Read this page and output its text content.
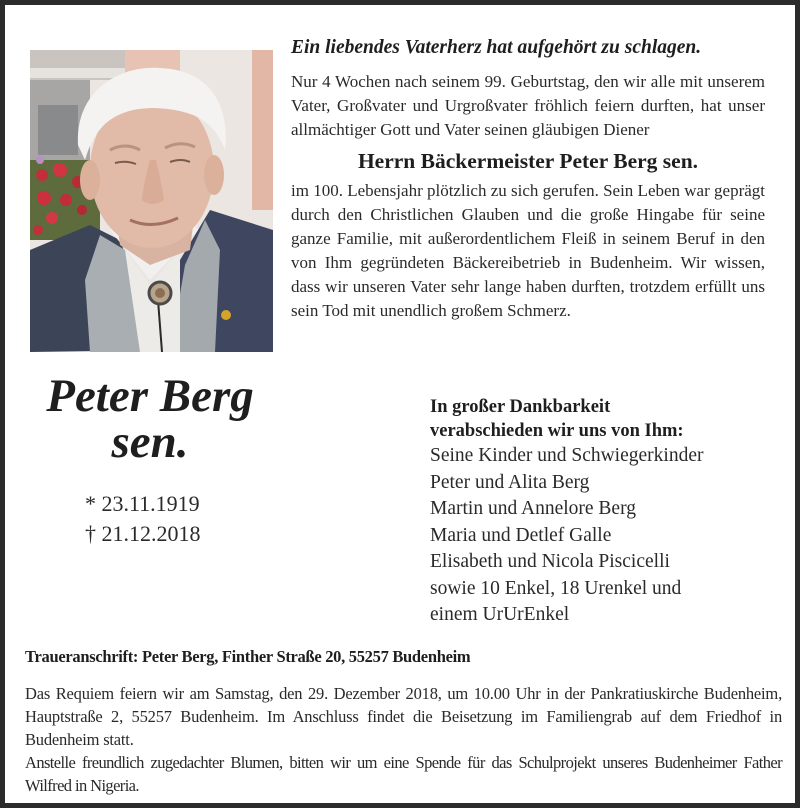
Peter Berg
sen.
* 23.11.1919
† 21.12.2018
Ein liebendes Vaterherz hat aufgehört zu schlagen.

Nur 4 Wochen nach seinem 99. Geburtstag, den wir alle mit unserem Vater, Großvater und Urgroßvater fröhlich feiern durften, hat unser allmächtiger Gott und Vater seinen gläubigen Diener

Herrn Bäckermeister Peter Berg sen.

im 100. Lebensjahr plötzlich zu sich gerufen. Sein Leben war geprägt durch den Christlichen Glauben und die große Hingabe für seine ganze Familie, mit außerordentlichem Fleiß in seinem Beruf in den von Ihm gegründeten Bäckereibetrieb in Budenheim. Wir wissen, dass wir unseren Vater sehr lange haben durften, trotzdem erfüllt uns sein Tod mit unendlich großem Schmerz.

In großer Dankbarkeit
verabschieden wir uns von Ihm:
Seine Kinder und Schwiegerkinder
Peter und Alita Berg
Martin und Annelore Berg
Maria und Detlef Galle
Elisabeth und Nicola Piscicelli
sowie 10 Enkel, 18 Urenkel und
einem UrUrEnkel
Traueranschrift: Peter Berg, Finther Straße 20, 55257 Budenheim

Das Requiem feiern wir am Samstag, den 29. Dezember 2018, um 10.00 Uhr in der Pankratiuskirche Budenheim, Hauptstraße 2, 55257 Budenheim. Im Anschluss findet die Beisetzung im Familiengrab auf dem Friedhof in Budenheim statt.

Anstelle freundlich zugedachter Blumen, bitten wir um eine Spende für das Schulprojekt unseres Budenheimer Father Wilfred in Nigeria.
